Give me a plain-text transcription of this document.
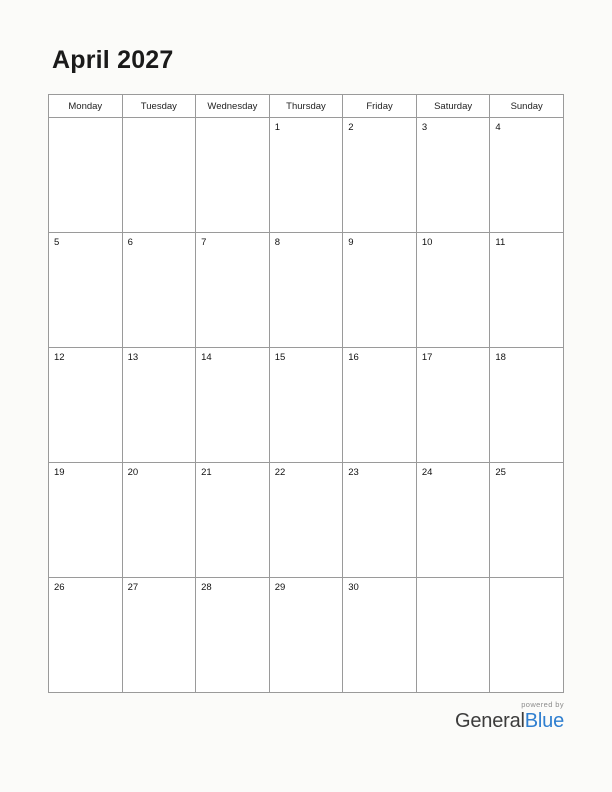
April 2027
Monday	Tuesday	Wednesday	Thursday	Friday	Saturday	Sunday

			1	2	3	4

5	6	7	8	9	10	11

12	13	14	15	16	17	18

19	20	21	22	23	24	25

26	27	28	29	30		

powered by
GeneralBlue
